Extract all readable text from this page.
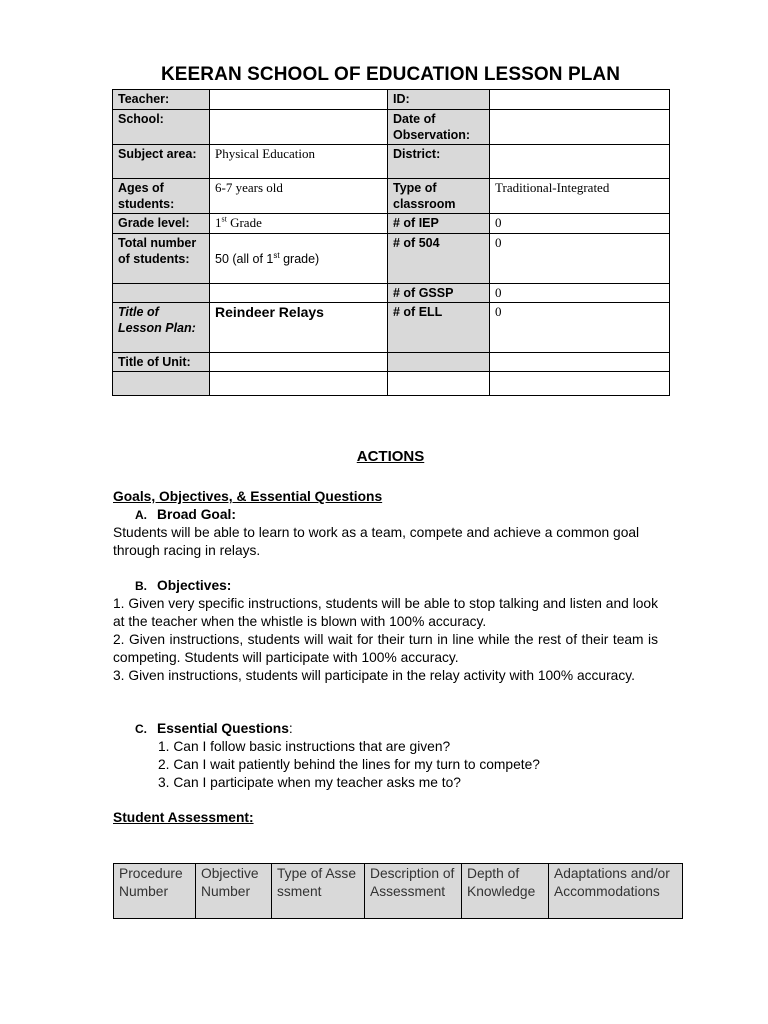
KEERAN SCHOOL OF EDUCATION LESSON PLAN
Teacher:		ID:	
School:		Date of Observation:	
Subject area:	Physical Education	District:	
Ages of students:	6-7 years old	Type of classroom	Traditional-Integrated
Grade level:	1st Grade	# of IEP	0
Total number of students:	50 (all of 1st grade)	# of 504	0
		# of GSSP	0
Title of Lesson Plan:	Reindeer Relays	# of ELL	0
Title of Unit:			

ACTIONS
Goals, Objectives, & Essential Questions
A. Broad Goal:
Students will be able to learn to work as a team, compete and achieve a common goal through racing in relays.
B. Objectives:
1. Given very specific instructions, students will be able to stop talking and listen and look at the teacher when the whistle is blown with 100% accuracy.
2. Given instructions, students will wait for their turn in line while the rest of their team is competing. Students will participate with 100% accuracy.
3. Given instructions, students will participate in the relay activity with 100% accuracy.
C. Essential Questions:
1. Can I follow basic instructions that are given?
2. Can I wait patiently behind the lines for my turn to compete?
3. Can I participate when my teacher asks me to?
Student Assessment:
Procedure Number	Objective Number	Type of Assessment	Description of Assessment	Depth of Knowledge	Adaptations and/or Accommodations
